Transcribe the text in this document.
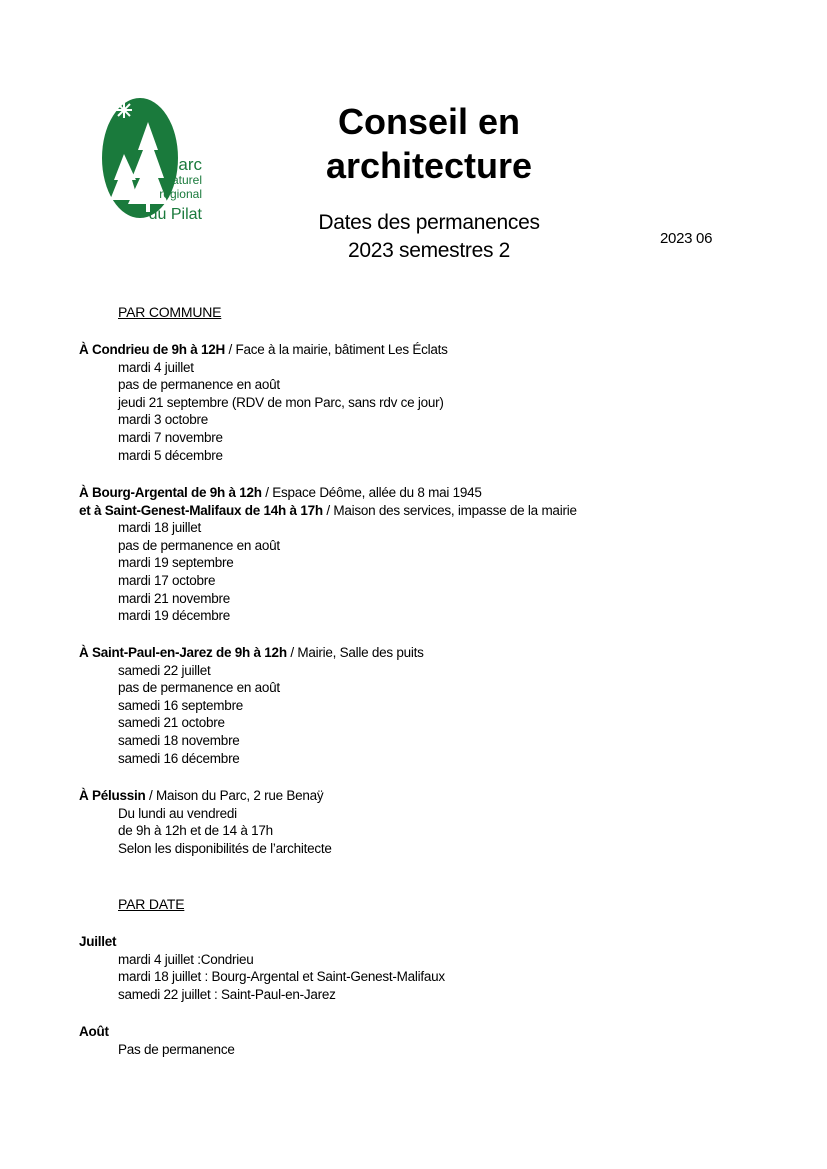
Parc
naturel
régional
du Pilat
Conseil en
architecture
Dates des permanences
2023 semestres 2
2023 06
PAR COMMUNE
À Condrieu de 9h à 12H / Face à la mairie, bâtiment Les Éclats
mardi 4 juillet
pas de permanence en août
jeudi 21 septembre (RDV de mon Parc, sans rdv ce jour)
mardi 3 octobre
mardi 7 novembre
mardi 5 décembre
À Bourg-Argental de 9h à 12h / Espace Déôme, allée du 8 mai 1945
et à Saint-Genest-Malifaux de 14h à 17h / Maison des services, impasse de la mairie
mardi 18 juillet
pas de permanence en août
mardi 19 septembre
mardi 17 octobre
mardi 21 novembre
mardi 19 décembre
À Saint-Paul-en-Jarez de 9h à 12h / Mairie, Salle des puits
samedi 22 juillet
pas de permanence en août
samedi 16 septembre
samedi 21 octobre
samedi 18 novembre
samedi 16 décembre
À Pélussin / Maison du Parc, 2 rue Benaÿ
Du lundi au vendredi
de 9h à 12h et de 14 à 17h
Selon les disponibilités de l’architecte
PAR DATE
Juillet
mardi 4 juillet :Condrieu
mardi 18 juillet : Bourg-Argental et Saint-Genest-Malifaux
samedi 22 juillet : Saint-Paul-en-Jarez
Août
Pas de permanence
